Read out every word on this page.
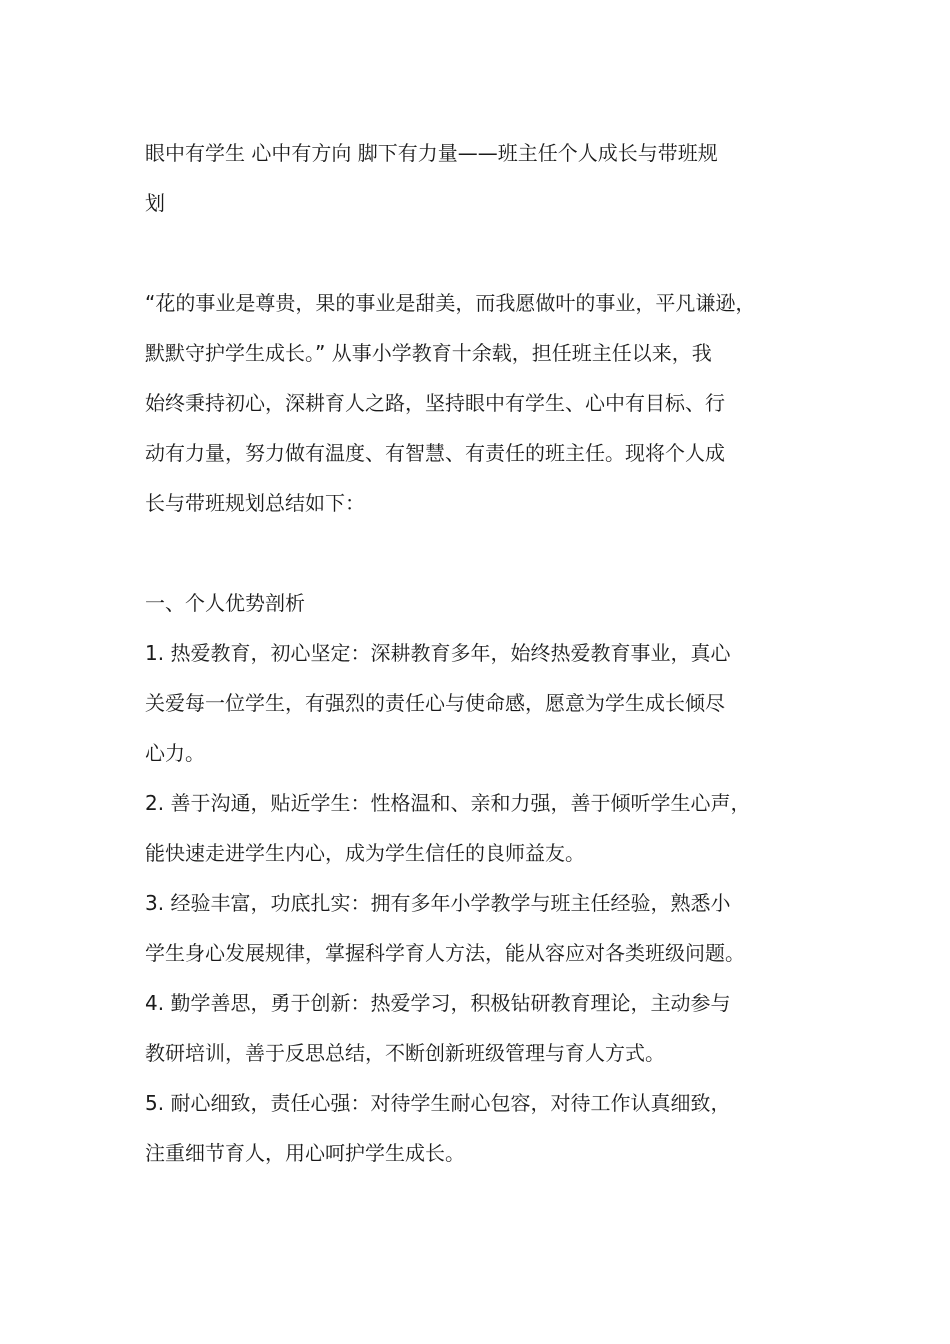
眼中有学生 心中有方向 脚下有力量——班主任个人成长与带班规

划

“花的事业是尊贵，果的事业是甜美，而我愿做叶的事业，平凡谦逊，

默默守护学生成长。” 从事小学教育十余载，担任班主任以来，我

始终秉持初心，深耕育人之路，坚持眼中有学生、心中有目标、行

动有力量，努力做有温度、有智慧、有责任的班主任。现将个人成

长与带班规划总结如下：

一、个人优势剖析

1. 热爱教育，初心坚定：深耕教育多年，始终热爱教育事业，真心

关爱每一位学生，有强烈的责任心与使命感，愿意为学生成长倾尽

心力。

2. 善于沟通，贴近学生：性格温和、亲和力强，善于倾听学生心声，

能快速走进学生内心，成为学生信任的良师益友。

3. 经验丰富，功底扎实：拥有多年小学教学与班主任经验，熟悉小

学生身心发展规律，掌握科学育人方法，能从容应对各类班级问题。

4. 勤学善思，勇于创新：热爱学习，积极钻研教育理论，主动参与

教研培训，善于反思总结，不断创新班级管理与育人方式。

5. 耐心细致，责任心强：对待学生耐心包容，对待工作认真细致，

注重细节育人，用心呵护学生成长。
